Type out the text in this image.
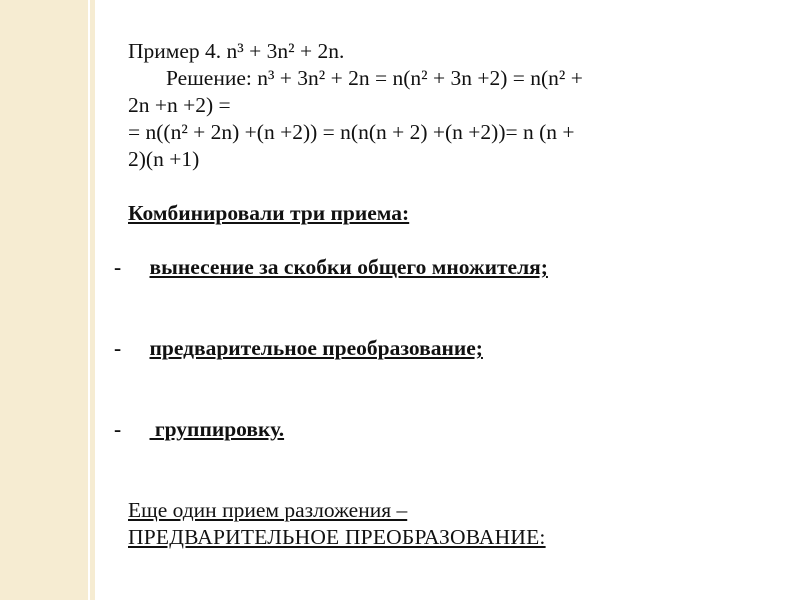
Пример 4. n³ + 3n² + 2n.
Решение: n³ + 3n² + 2n = n(n² + 3n +2) = n(n² +
2n +n +2) =
= n((n² + 2n) +(n +2)) = n(n(n + 2) +(n +2))= n (n +
2)(n +1)
Комбинировали три приема:

- вынесение за скобки общего множителя;

- предварительное преобразование;

- группировку.

Еще один прием разложения –
ПРЕДВАРИТЕЛЬНОЕ ПРЕОБРАЗОВАНИЕ:
